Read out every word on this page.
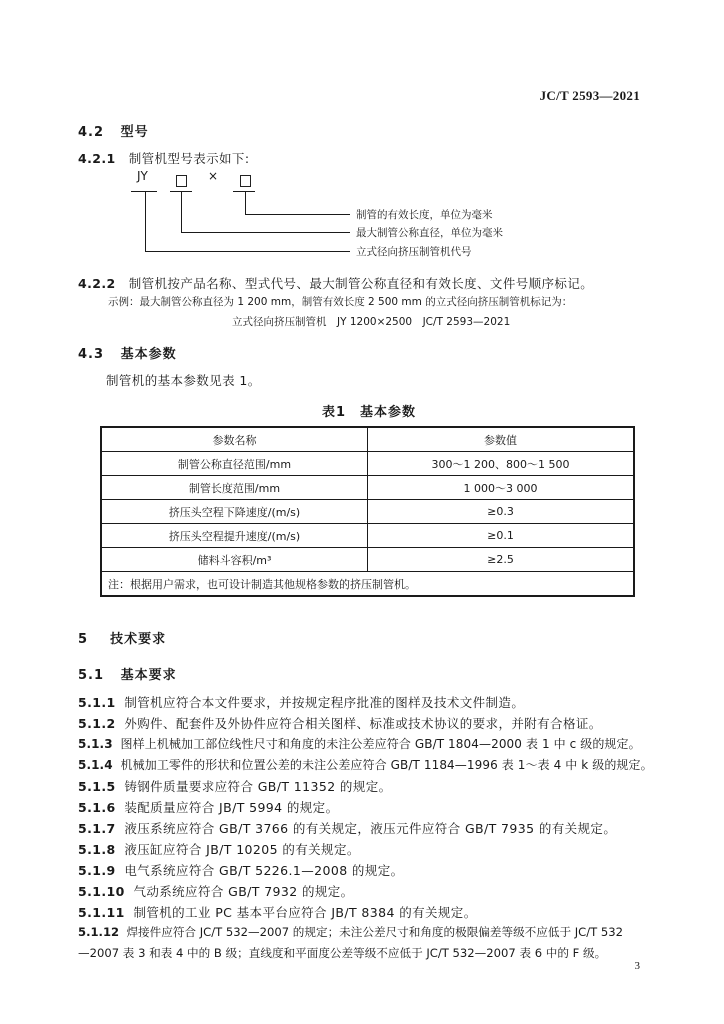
JC/T 2593—2021
4.2 型号
4.2.1 制管机型号表示如下:
JY	×
制管的有效长度，单位为毫米
最大制管公称直径，单位为毫米
立式径向挤压制管机代号
4.2.2 制管机按产品名称、型式代号、最大制管公称直径和有效长度、文件号顺序标记。
示例：最大制管公称直径为 1 200 mm，制管有效长度 2 500 mm 的立式径向挤压制管机标记为：
立式径向挤压制管机　JY 1200×2500　JC/T 2593—2021
4.3 基本参数
制管机的基本参数见表 1。
表1　基本参数
参数名称	参数值
制管公称直径范围/mm	300～1 200、800～1 500
制管长度范围/mm	1 000～3 000
挤压头空程下降速度/(m/s)	≥0.3
挤压头空程提升速度/(m/s)	≥0.1
储料斗容积/m³	≥2.5
注：根据用户需求，也可设计制造其他规格参数的挤压制管机。	
5 技术要求
5.1 基本要求
5.1.1 制管机应符合本文件要求，并按规定程序批准的图样及技术文件制造。
5.1.2 外购件、配套件及外协件应符合相关图样、标准或技术协议的要求，并附有合格证。
5.1.3 图样上机械加工部位线性尺寸和角度的未注公差应符合 GB/T 1804—2000 表 1 中 c 级的规定。
5.1.4 机械加工零件的形状和位置公差的未注公差应符合 GB/T 1184—1996 表 1～表 4 中 k 级的规定。
5.1.5 铸钢件质量要求应符合 GB/T 11352 的规定。
5.1.6 装配质量应符合 JB/T 5994 的规定。
5.1.7 液压系统应符合 GB/T 3766 的有关规定，液压元件应符合 GB/T 7935 的有关规定。
5.1.8 液压缸应符合 JB/T 10205 的有关规定。
5.1.9 电气系统应符合 GB/T 5226.1—2008 的规定。
5.1.10 气动系统应符合 GB/T 7932 的规定。
5.1.11 制管机的工业 PC 基本平台应符合 JB/T 8384 的有关规定。
5.1.12 焊接件应符合 JC/T 532—2007 的规定；未注公差尺寸和角度的极限偏差等级不应低于 JC/T 532
—2007 表 3 和表 4 中的 B 级；直线度和平面度公差等级不应低于 JC/T 532—2007 表 6 中的 F 级。
3
